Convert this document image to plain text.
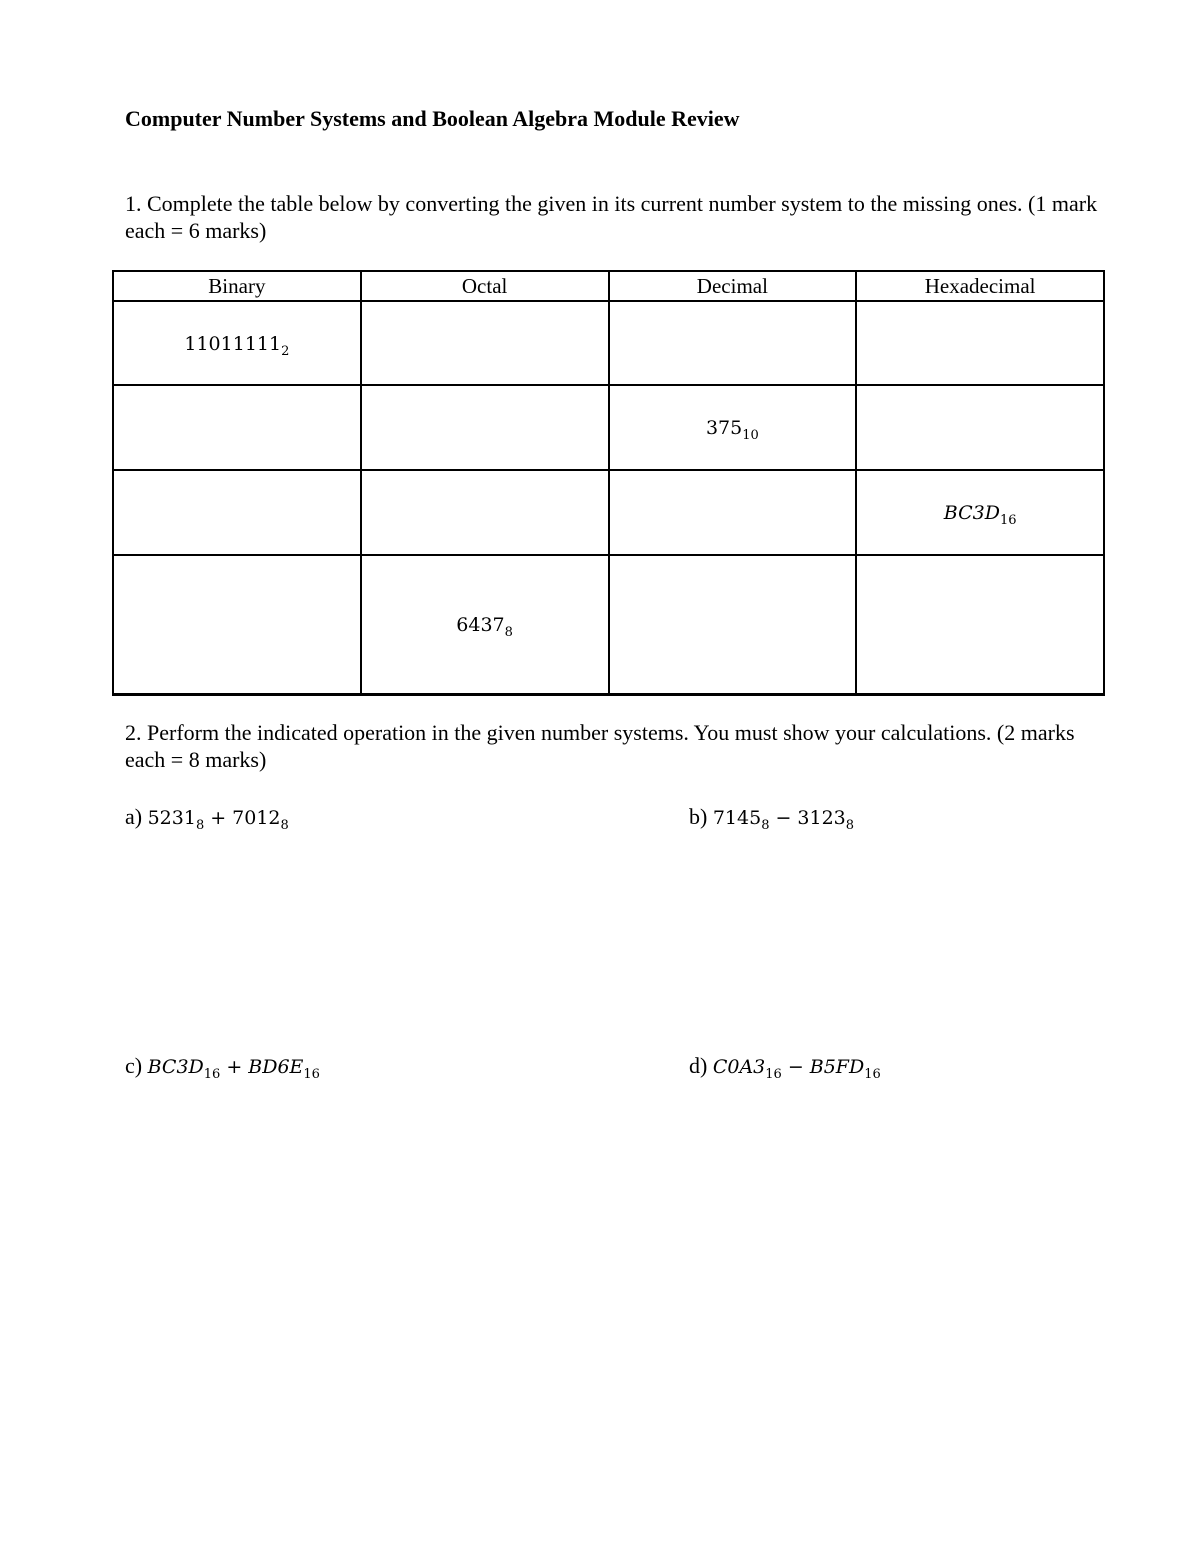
Computer Number Systems and Boolean Algebra Module Review
1. Complete the table below by converting the given in its current number system to the missing ones. (1 mark each = 6 marks)
Binary	Octal	Decimal	Hexadecimal
$11011111_2$			
		$375_{10}$	
			$BC3D_{16}$
	$6437_8$		
2. Perform the indicated operation in the given number systems. You must show your calculations. (2 marks each = 8 marks)
a) $5231_8 + 7012_8$	b) $7145_8 - 3123_8$
c) $BC3D_{16} + BD6E_{16}$	d) $C0A3_{16} - B5FD_{16}$
